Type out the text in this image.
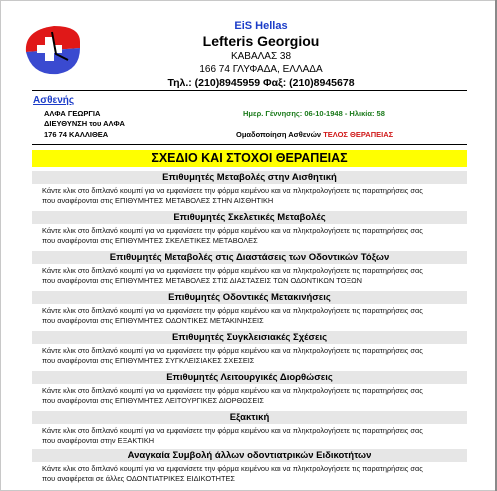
EiS Hellas
Lefteris Georgiou
ΚΑΒΑΛΑΣ 38
166 74 ΓΛΥΦΑΔΑ, ΕΛΛΑΔΑ
Τηλ.: (210)8945959 Φαξ: (210)8945678
Ασθενής
ΑΛΦΑ ΓΕΩΡΓΙΑ
ΔΙΕΥΘΥΝΣΗ του ΑΛΦΑ
176 74 ΚΑΛΛΙΘΕΑ
Ημερ. Γέννησης: 06-10-1948 - Ηλικία: 58
Ομαδοποίηση Ασθενών ΤΕΛΟΣ ΘΕΡΑΠΕΙΑΣ
ΣΧΕΔΙΟ ΚΑΙ ΣΤΟΧΟΙ ΘΕΡΑΠΕΙΑΣ
Επιθυμητές Μεταβολές στην Αισθητική
Κάντε κλικ στο διπλανό κουμπί για να εμφανίσετε την φόρμα κειμένου και να πληκτρολογήσετε τις παρατηρήσεις σας
που αναφέρονται στις ΕΠΙΘΥΜΗΤΕΣ ΜΕΤΑΒΟΛΕΣ ΣΤΗΝ ΑΙΣΘΗΤΙΚΗ
Επιθυμητές Σκελετικές Μεταβολές
Κάντε κλικ στο διπλανό κουμπί για να εμφανίσετε την φόρμα κειμένου και να πληκτρολογήσετε τις παρατηρήσεις σας
που αναφέρονται στις ΕΠΙΘΥΜΗΤΕΣ ΣΚΕΛΕΤΙΚΕΣ ΜΕΤΑΒΟΛΕΣ
Επιθυμητές Μεταβολές στις Διαστάσεις των Οδοντικών Τόξων
Κάντε κλικ στο διπλανό κουμπί για να εμφανίσετε την φόρμα κειμένου και να πληκτρολογήσετε τις παρατηρήσεις σας
που αναφέρονται στις ΕΠΙΘΥΜΗΤΕΣ ΜΕΤΑΒΟΛΕΣ ΣΤΙΣ ΔΙΑΣΤΑΣΕΙΣ ΤΩΝ ΟΔΟΝΤΙΚΩΝ ΤΟΞΩΝ
Επιθυμητές Οδοντικές Μετακινήσεις
Κάντε κλικ στο διπλανό κουμπί για να εμφανίσετε την φόρμα κειμένου και να πληκτρολογήσετε τις παρατηρήσεις σας
που αναφέρονται στις ΕΠΙΘΥΜΗΤΕΣ ΟΔΟΝΤΙΚΕΣ ΜΕΤΑΚΙΝΗΣΕΙΣ
Επιθυμητές Συγκλεισιακές Σχέσεις
Κάντε κλικ στο διπλανό κουμπί για να εμφανίσετε την φόρμα κειμένου και να πληκτρολογήσετε τις παρατηρήσεις σας
που αναφέρονται στις ΕΠΙΘΥΜΗΤΕΣ ΣΥΓΚΛΕΙΣΙΑΚΕΣ ΣΧΕΣΕΙΣ
Επιθυμητές Λειτουργικές Διορθώσεις
Κάντε κλικ στο διπλανό κουμπί για να εμφανίσετε την φόρμα κειμένου και να πληκτρολογήσετε τις παρατηρήσεις σας
που αναφέρονται στις ΕΠΙΘΥΜΗΤΕΣ ΛΕΙΤΟΥΡΓΙΚΕΣ ΔΙΟΡΘΩΣΕΙΣ
Εξακτική
Κάντε κλικ στο διπλανό κουμπί για να εμφανίσετε την φόρμα κειμένου και να πληκτρολογήσετε τις παρατηρήσεις σας
που αναφέρονται στην ΕΞΑΚΤΙΚΗ
Αναγκαία Συμβολή άλλων οδοντιατρικών Ειδικοτήτων
Κάντε κλικ στο διπλανό κουμπί για να εμφανίσετε την φόρμα κειμένου και να πληκτρολογήσετε τις παρατηρήσεις σας
που αναφέρεται σε άλλες ΟΔΟΝΤΙΑΤΡΙΚΕΣ ΕΙΔΙΚΟΤΗΤΕΣ
